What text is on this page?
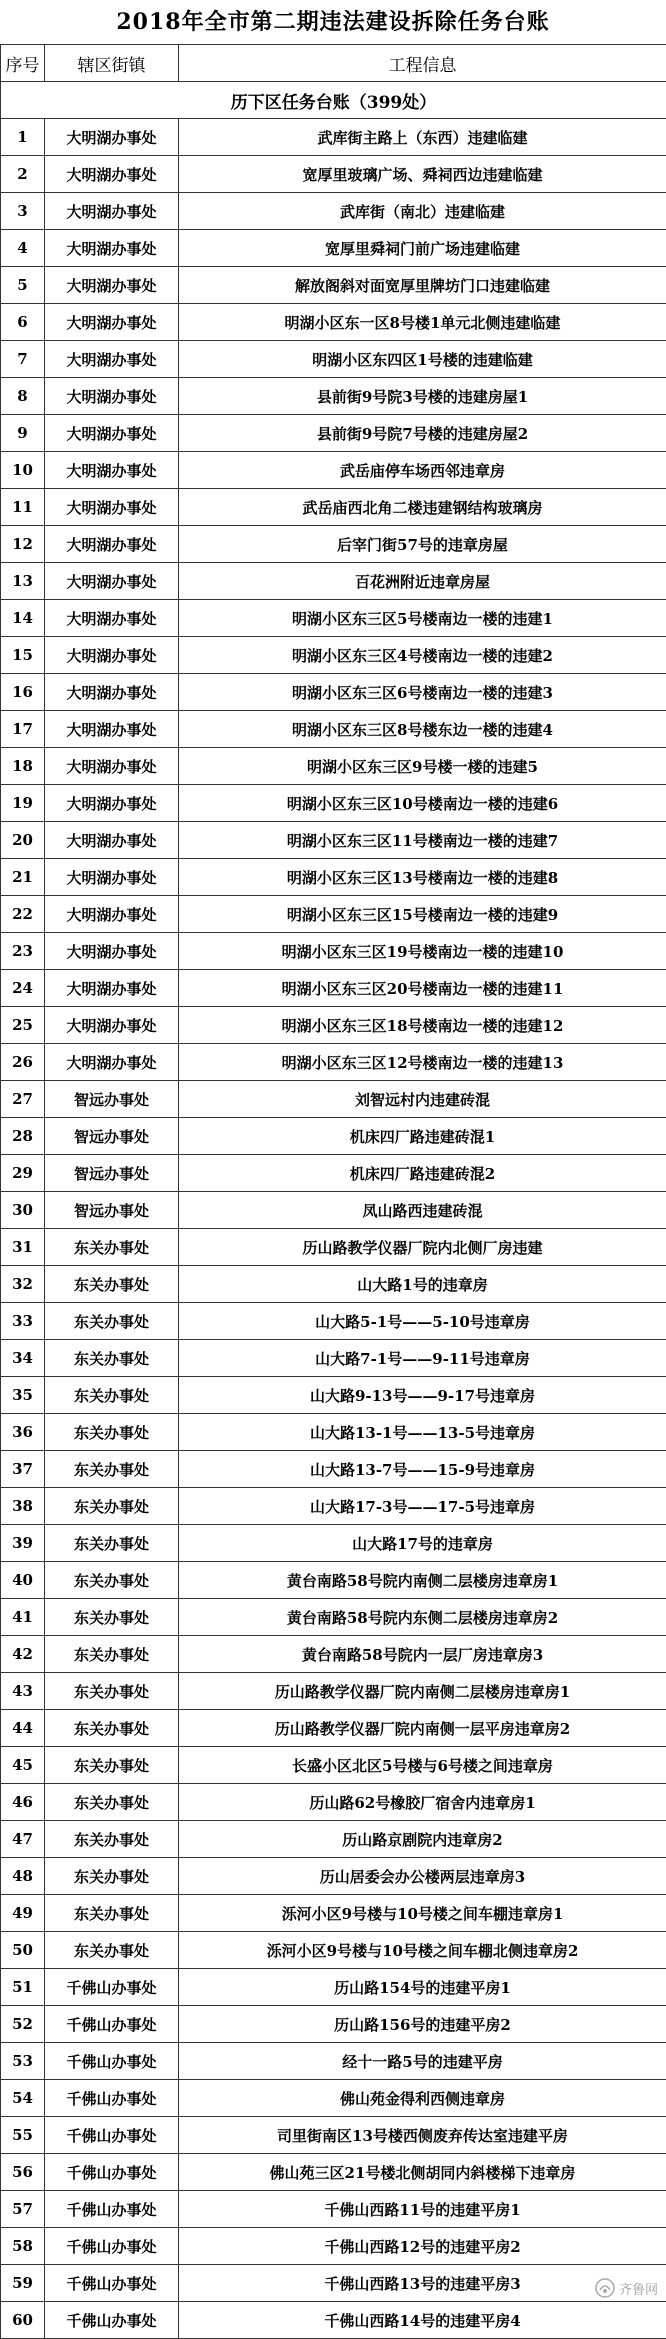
2018年全市第二期违法建设拆除任务台账
序号	辖区街镇	工程信息
历下区任务台账（399处）		
1	大明湖办事处	武库街主路上（东西）违建临建
2	大明湖办事处	宽厚里玻璃广场、舜祠西边违建临建
3	大明湖办事处	武库街（南北）违建临建
4	大明湖办事处	宽厚里舜祠门前广场违建临建
5	大明湖办事处	解放阁斜对面宽厚里牌坊门口违建临建
6	大明湖办事处	明湖小区东一区8号楼1单元北侧违建临建
7	大明湖办事处	明湖小区东四区1号楼的违建临建
8	大明湖办事处	县前街9号院3号楼的违建房屋1
9	大明湖办事处	县前街9号院7号楼的违建房屋2
10	大明湖办事处	武岳庙停车场西邻违章房
11	大明湖办事处	武岳庙西北角二楼违建钢结构玻璃房
12	大明湖办事处	后宰门街57号的违章房屋
13	大明湖办事处	百花洲附近违章房屋
14	大明湖办事处	明湖小区东三区5号楼南边一楼的违建1
15	大明湖办事处	明湖小区东三区4号楼南边一楼的违建2
16	大明湖办事处	明湖小区东三区6号楼南边一楼的违建3
17	大明湖办事处	明湖小区东三区8号楼东边一楼的违建4
18	大明湖办事处	明湖小区东三区9号楼一楼的违建5
19	大明湖办事处	明湖小区东三区10号楼南边一楼的违建6
20	大明湖办事处	明湖小区东三区11号楼南边一楼的违建7
21	大明湖办事处	明湖小区东三区13号楼南边一楼的违建8
22	大明湖办事处	明湖小区东三区15号楼南边一楼的违建9
23	大明湖办事处	明湖小区东三区19号楼南边一楼的违建10
24	大明湖办事处	明湖小区东三区20号楼南边一楼的违建11
25	大明湖办事处	明湖小区东三区18号楼南边一楼的违建12
26	大明湖办事处	明湖小区东三区12号楼南边一楼的违建13
27	智远办事处	刘智远村内违建砖混
28	智远办事处	机床四厂路违建砖混1
29	智远办事处	机床四厂路违建砖混2
30	智远办事处	凤山路西违建砖混
31	东关办事处	历山路教学仪器厂院内北侧厂房违建
32	东关办事处	山大路1号的违章房
33	东关办事处	山大路5-1号——5-10号违章房
34	东关办事处	山大路7-1号——9-11号违章房
35	东关办事处	山大路9-13号——9-17号违章房
36	东关办事处	山大路13-1号——13-5号违章房
37	东关办事处	山大路13-7号——15-9号违章房
38	东关办事处	山大路17-3号——17-5号违章房
39	东关办事处	山大路17号的违章房
40	东关办事处	黄台南路58号院内南侧二层楼房违章房1
41	东关办事处	黄台南路58号院内东侧二层楼房违章房2
42	东关办事处	黄台南路58号院内一层厂房违章房3
43	东关办事处	历山路教学仪器厂院内南侧二层楼房违章房1
44	东关办事处	历山路教学仪器厂院内南侧一层平房违章房2
45	东关办事处	长盛小区北区5号楼与6号楼之间违章房
46	东关办事处	历山路62号橡胶厂宿舍内违章房1
47	东关办事处	历山路京剧院内违章房2
48	东关办事处	历山居委会办公楼两层违章房3
49	东关办事处	泺河小区9号楼与10号楼之间车棚违章房1
50	东关办事处	泺河小区9号楼与10号楼之间车棚北侧违章房2
51	千佛山办事处	历山路154号的违建平房1
52	千佛山办事处	历山路156号的违建平房2
53	千佛山办事处	经十一路5号的违建平房
54	千佛山办事处	佛山苑金得利西侧违章房
55	千佛山办事处	司里街南区13号楼西侧废弃传达室违建平房
56	千佛山办事处	佛山苑三区21号楼北侧胡同内斜楼梯下违章房
57	千佛山办事处	千佛山西路11号的违建平房1
58	千佛山办事处	千佛山西路12号的违建平房2
59	千佛山办事处	千佛山西路13号的违建平房3
60	千佛山办事处	千佛山西路14号的违建平房4
齐鲁网
